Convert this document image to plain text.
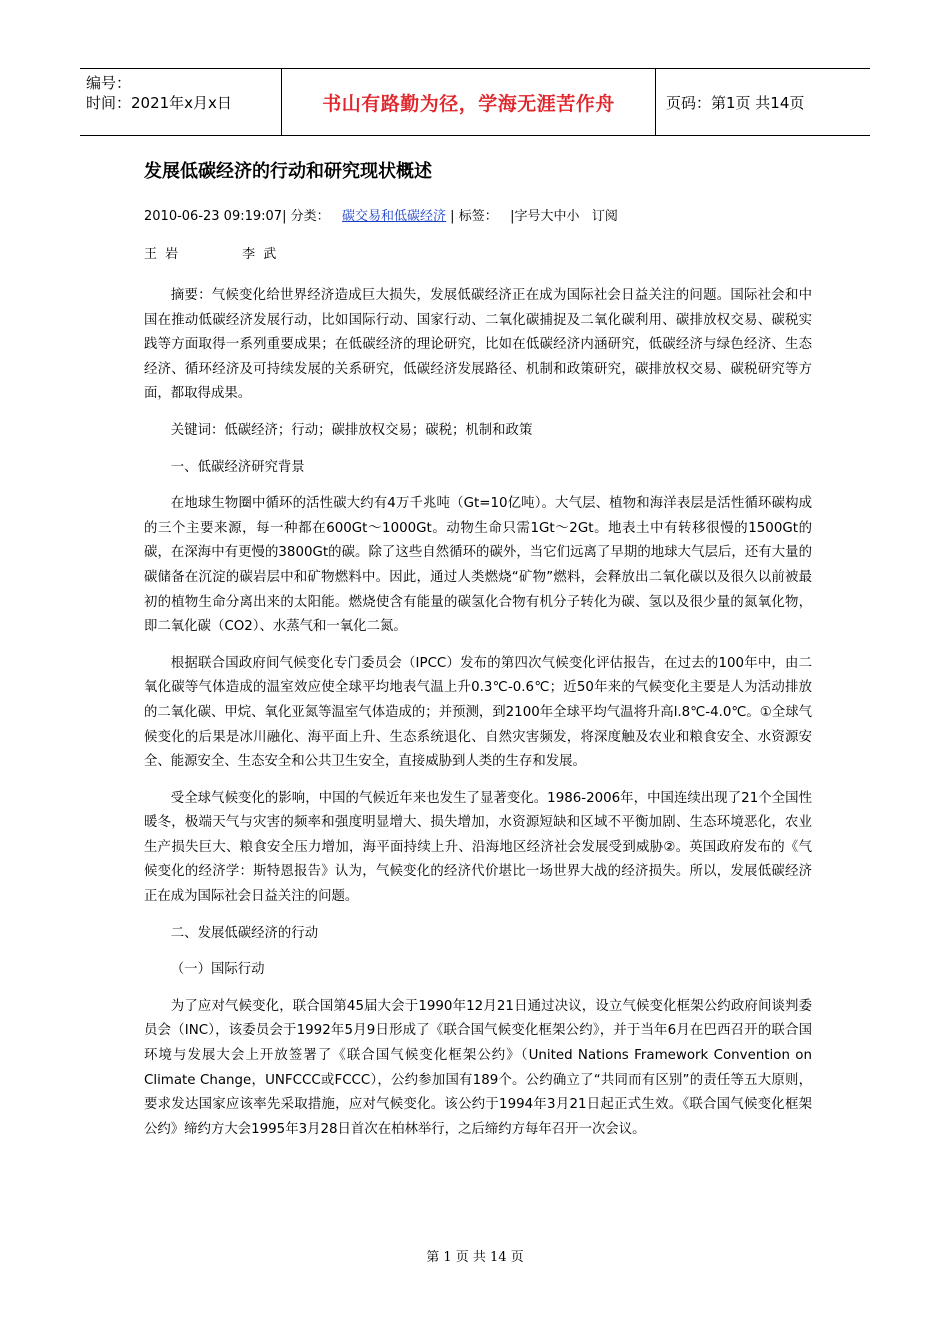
编号：
时间：2021年x月x日	书山有路勤为径，学海无涯苦作舟	页码：第1页 共14页
发展低碳经济的行动和研究现状概述
2010-06-23 09:19:07| 分类： 碳交易和低碳经济 | 标签： |字号大中小 订阅
王 岩	李 武

摘要：气候变化给世界经济造成巨大损失，发展低碳经济正在成为国际社会日益关注的问题。国际社会和中国在推动低碳经济发展行动，比如国际行动、国家行动、二氧化碳捕捉及二氧化碳利用、碳排放权交易、碳税实践等方面取得一系列重要成果；在低碳经济的理论研究，比如在低碳经济内涵研究，低碳经济与绿色经济、生态经济、循环经济及可持续发展的关系研究，低碳经济发展路径、机制和政策研究，碳排放权交易、碳税研究等方面，都取得成果。

关键词：低碳经济；行动；碳排放权交易；碳税；机制和政策

一、低碳经济研究背景

在地球生物圈中循环的活性碳大约有4万千兆吨（Gt=10亿吨）。大气层、植物和海洋表层是活性循环碳构成的三个主要来源，每一种都在600Gt～1000Gt。动物生命只需1Gt～2Gt。地表土中有转移很慢的1500Gt的碳，在深海中有更慢的3800Gt的碳。除了这些自然循环的碳外，当它们远离了早期的地球大气层后，还有大量的碳储备在沉淀的碳岩层中和矿物燃料中。因此，通过人类燃烧“矿物”燃料，会释放出二氧化碳以及很久以前被最初的植物生命分离出来的太阳能。燃烧使含有能量的碳氢化合物有机分子转化为碳、氢以及很少量的氮氧化物，即二氧化碳（CO2）、水蒸气和一氧化二氮。

根据联合国政府间气候变化专门委员会（IPCC）发布的第四次气候变化评估报告，在过去的100年中，由二氧化碳等气体造成的温室效应使全球平均地表气温上升0.3℃-0.6℃；近50年来的气候变化主要是人为活动排放的二氧化碳、甲烷、氧化亚氮等温室气体造成的；并预测，到2100年全球平均气温将升高l.8℃-4.0℃。①全球气候变化的后果是冰川融化、海平面上升、生态系统退化、自然灾害频发，将深度触及农业和粮食安全、水资源安全、能源安全、生态安全和公共卫生安全，直接威胁到人类的生存和发展。

受全球气候变化的影响，中国的气候近年来也发生了显著变化。1986-2006年，中国连续出现了21个全国性暖冬，极端天气与灾害的频率和强度明显增大、损失增加，水资源短缺和区域不平衡加剧、生态环境恶化，农业生产损失巨大、粮食安全压力增加，海平面持续上升、沿海地区经济社会发展受到威胁②。英国政府发布的《气候变化的经济学：斯特恩报告》认为，气候变化的经济代价堪比一场世界大战的经济损失。所以，发展低碳经济正在成为国际社会日益关注的问题。

二、发展低碳经济的行动

（一）国际行动

为了应对气候变化，联合国第45届大会于1990年12月21日通过决议，设立气候变化框架公约政府间谈判委员会（INC），该委员会于1992年5月9日形成了《联合国气候变化框架公约》，并于当年6月在巴西召开的联合国环境与发展大会上开放签署了《联合国气候变化框架公约》（United Nations Framework Convention on Climate Change，UNFCCC或FCCC），公约参加国有189个。公约确立了“共同而有区别”的责任等五大原则，要求发达国家应该率先采取措施，应对气候变化。该公约于1994年3月21日起正式生效。《联合国气候变化框架公约》缔约方大会1995年3月28日首次在柏林举行，之后缔约方每年召开一次会议。

第 1 页 共 14 页
